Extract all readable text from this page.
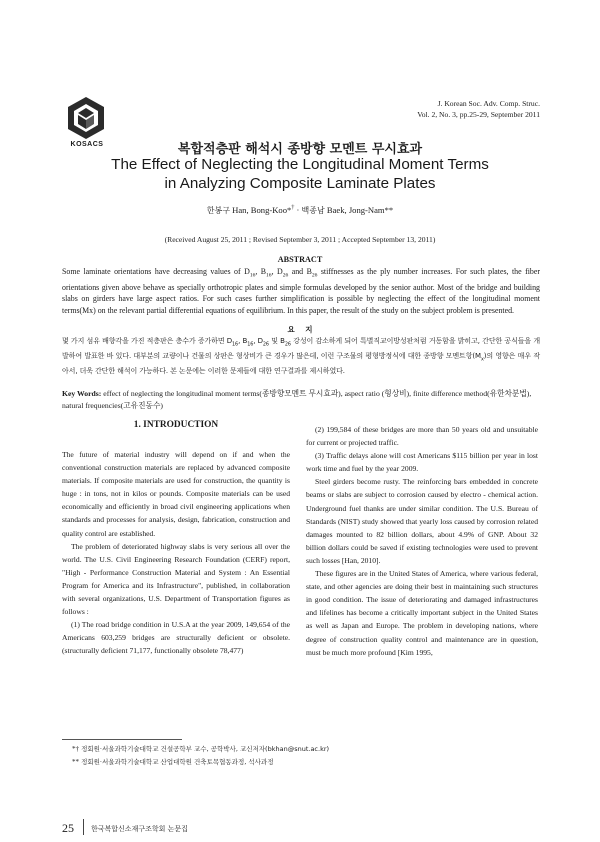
KOSACS
J. Korean Soc. Adv. Comp. Struc.
Vol. 2, No. 3, pp.25-29, September 2011
복합적층판 해석시 종방향 모멘트 무시효과
The Effect of Neglecting the Longitudinal Moment Terms
in Analyzing Composite Laminate Plates
한봉구 Han, Bong-Koo*† · 백종남 Baek, Jong-Nam**
(Received August 25, 2011 ; Revised September 3, 2011 ; Accepted September 13, 2011)
ABSTRACT
Some laminate orientations have decreasing values of $D_{16}$, $B_{16}$, $D_{26}$ and $B_{26}$ stiffnesses as the ply number increases. For such plates, the fiber orientations given above behave as specially orthotropic plates and simple formulas developed by the senior author. Most of the bridge and building slabs on girders have large aspect ratios. For such cases further simplification is possible by neglecting the effect of the longitudinal moment terms(Mx) on the relevant partial differential equations of equilibrium. In this paper, the result of the study on the subject problem is presented.
요    지
몇 가지 섬유 배향각을 가진 적층판은 층수가 증가하면 $D_{16}$, $B_{16}$, $D_{26}$ 및 $B_{26}$ 강성이 감소하게 되어 특별직교이방성판처럼 거동함을 밝히고, 간단한 공식들을 개발하여 발표한 바 있다. 대부분의 교량이나 건물의 상판은 형상비가 큰 경우가 많은데, 이런 구조물의 평형방정식에 대한 종방향 모멘트항$(M_x)$의 영향은 매우 작아서, 더욱 간단한 해석이 가능하다. 본 논문에는 이러한 문제들에 대한 연구결과를 제시하였다.
Key Words: effect of neglecting the longitudinal moment terms(종방향모멘트 무시효과), aspect ratio (형상비), finite difference method(유한차분법), natural frequencies(고유진동수)
1. INTRODUCTION

The future of material industry will depend on if and when the conventional construction materials are replaced by advanced composite materials. If composite materials are used for construction, the quantity is huge : in tons, not in kilos or pounds. Composite materials can be used economically and efficiently in broad civil engineering applications when standards and processes for analysis, design, fabrication, construction and quality control are established.

The problem of deteriorated highway slabs is very serious all over the world. The U.S. Civil Engineering Research Foundation (CERF) report, "High - Performance Construction Material and System : An Essential Program for America and its Infrastructure", published, in collaboration with several organizations, U.S. Department of Transportation figures as follows :

(1) The road bridge condition in U.S.A at the year 2009, 149,654 of the Americans 603,259 bridges are structurally deficient or obsolete. (structurally deficient 71,177, functionally obsolete 78,477)

(2) 199,584 of these bridges are more than 50 years old and unsuitable for current or projected traffic.

(3) Traffic delays alone will cost Americans $115 billion per year in lost work time and fuel by the year 2009.

Steel girders become rusty. The reinforcing bars embedded in concrete beams or slabs are subject to corrosion caused by electro - chemical action. Underground fuel thanks are under similar condition. The U.S. Bureau of Standards (NIST) study showed that yearly loss caused by corrosion related damages mounted to 82 billion dollars, about 4.9% of GNP. About 32 billion dollars could be saved if existing technologies were used to prevent such losses [Han, 2010].

These figures are in the United States of America, where various federal, state, and other agencies are doing their best in maintaining such structures in good condition. The issue of deteriorating and damaged infrastructures and lifelines has become a critically important subject in the United States as well as Japan and Europe. The problem in developing nations, where degree of construction quality control and maintenance are in question, must be much more profound [Kim 1995,

*† 정회원·서울과학기술대학교 건설공학부 교수, 공학박사, 교신저자(bkhan@snut.ac.kr)
** 정회원·서울과학기술대학교 산업대학원 건축토목협동과정, 석사과정
25 한국복합신소재구조학회 논문집
